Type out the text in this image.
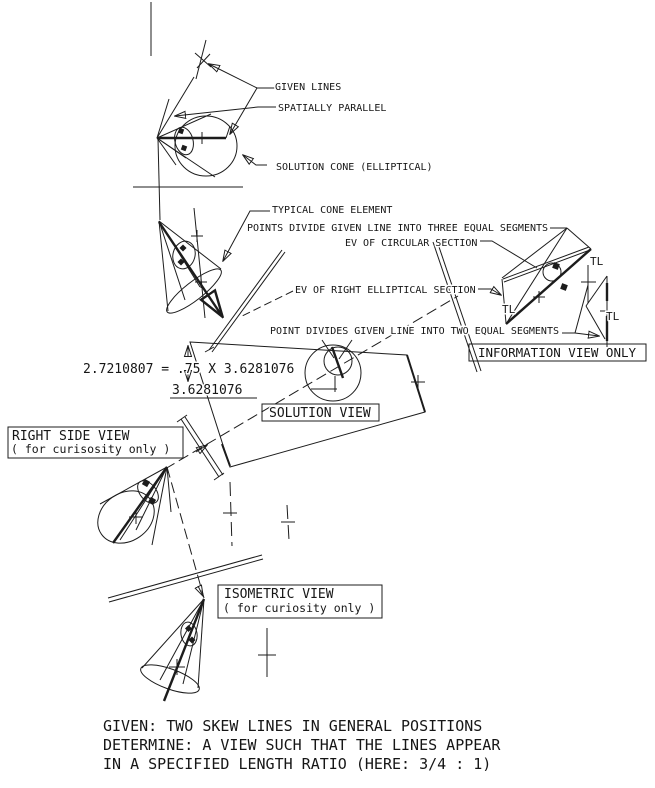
GIVEN LINES
SPATIALLY PARALLEL
SOLUTION CONE (ELLIPTICAL)
TYPICAL CONE ELEMENT
POINTS DIVIDE GIVEN LINE INTO THREE EQUAL SEGMENTS
EV OF CIRCULAR SECTION
EV OF RIGHT ELLIPTICAL SECTION
POINT DIVIDES GIVEN LINE INTO TWO EQUAL SEGMENTS
TL
TL
TL
2.7210807 = .75 X 3.6281076
3.6281076
INFORMATION VIEW ONLY
SOLUTION VIEW
RIGHT SIDE VIEW
( for curisosity only )
ISOMETRIC VIEW
( for curiosity only )
GIVEN: TWO SKEW LINES IN GENERAL POSITIONS
DETERMINE: A VIEW SUCH THAT THE LINES APPEAR
IN A SPECIFIED LENGTH RATIO (HERE: 3/4 : 1)
